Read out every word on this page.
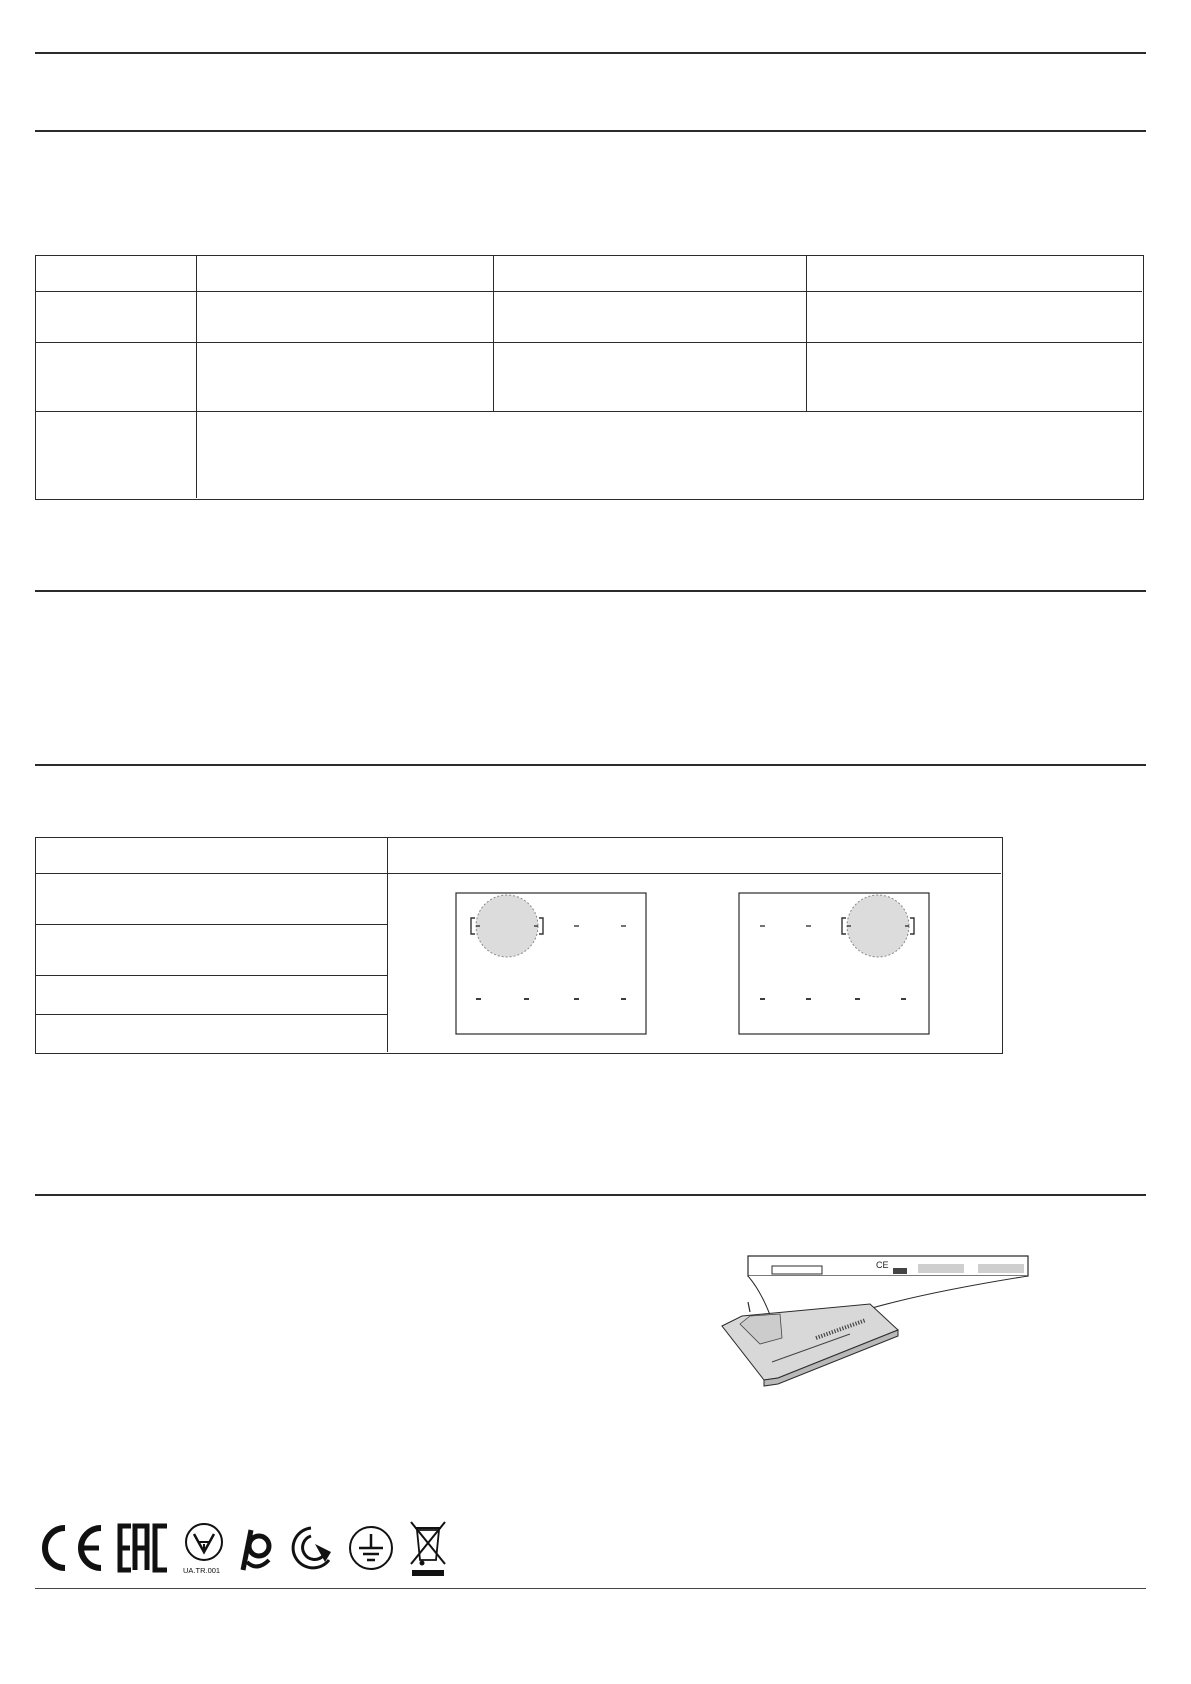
CE
UA.TR.001
